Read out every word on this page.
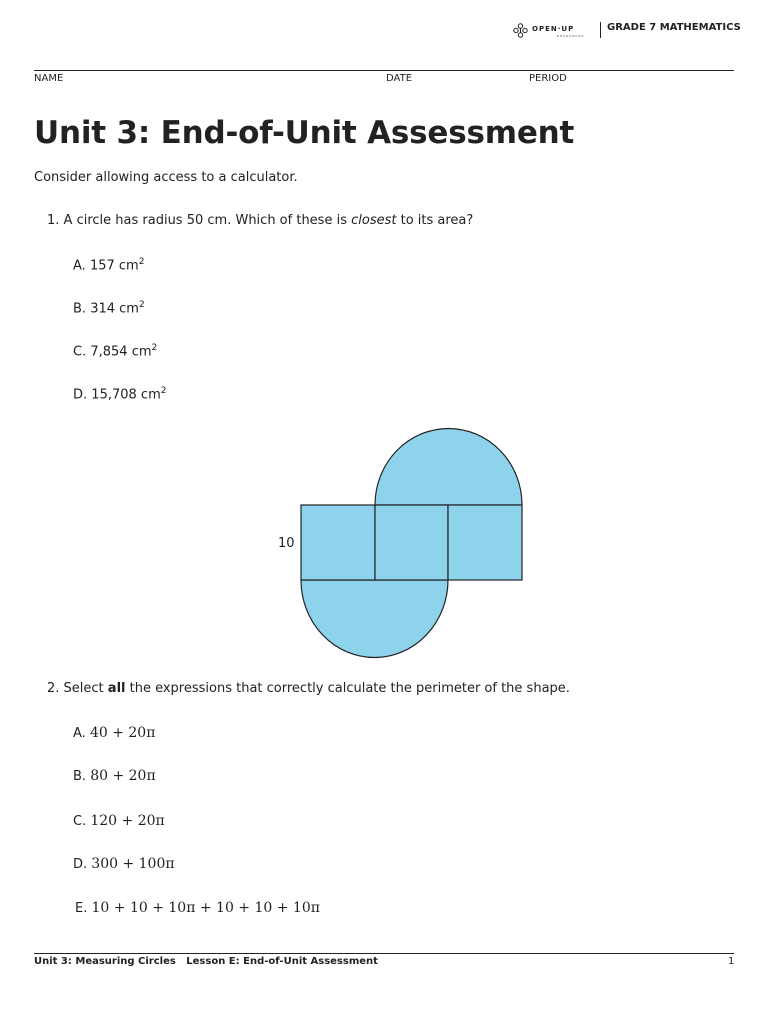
OPEN·UP
RESOURCES
GRADE 7 MATHEMATICS
NAME	DATE	PERIOD
Unit 3: End-of-Unit Assessment
Consider allowing access to a calculator.
1. A circle has radius 50 cm. Which of these is closest to its area?
A. 157 $cm^2$
B. 314 $cm^2$
C. 7,854 $cm^2$
D. 15,708 $cm^2$
10
2. Select all the expressions that correctly calculate the perimeter of the shape.
A. 40 + 20π
B. 80 + 20π
C. 120 + 20π
D. 300 + 100π
E. 10 + 10 + 10π + 10 + 10 + 10π
Unit 3: Measuring Circles Lesson E: End-of-Unit Assessment	1
